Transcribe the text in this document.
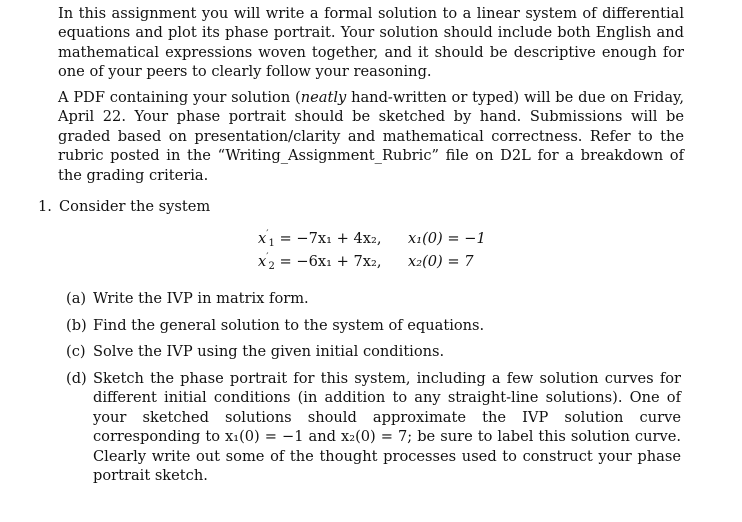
In this assignment you will write a formal solution to a linear system of differential equations and plot its phase portrait. Your solution should include both English and mathematical expressions woven together, and it should be descriptive enough for one of your peers to clearly follow your reasoning.

A PDF containing your solution (neatly hand-written or typed) will be due on Friday, April 22. Your phase portrait should be sketched by hand. Submissions will be graded based on presentation/clarity and mathematical correctness. Refer to the rubric posted in the “Writing_Assignment_Rubric” file on D2L for a breakdown of the grading criteria.

1. Consider the system
$x'_1 = -7x_1 + 4x_2$,
$x'_2 = -6x_1 + 7x_2$,
x₁(0) = −1
x₂(0) = 7
(a) Write the IVP in matrix form.

(b) Find the general solution to the system of equations.

(c) Solve the IVP using the given initial conditions.

(d) Sketch the phase portrait for this system, including a few solution curves for different initial conditions (in addition to any straight-line solutions). One of your sketched solutions should approximate the IVP solution curve corresponding to x₁(0) = −1 and x₂(0) = 7; be sure to label this solution curve. Clearly write out some of the thought processes used to construct your phase portrait sketch.
